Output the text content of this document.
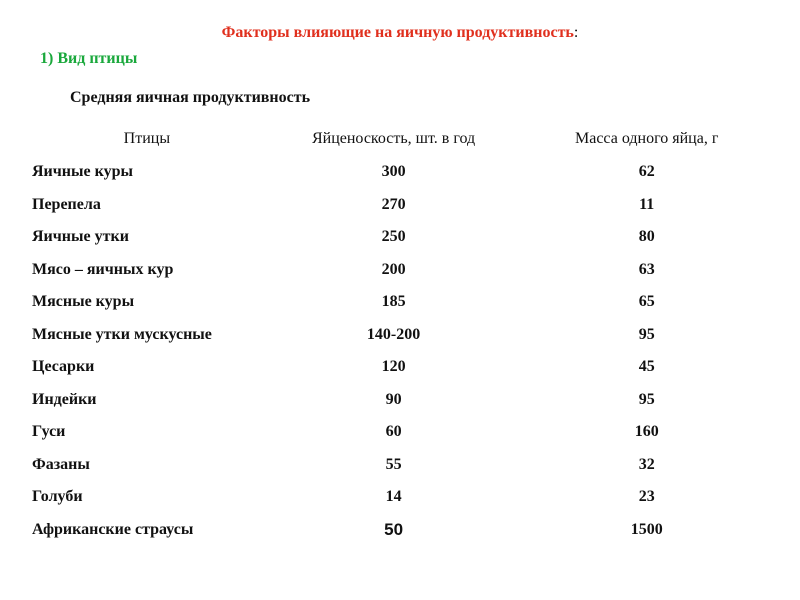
Факторы влияющие на яичную продуктивность:
1) Вид птицы
Средняя яичная продуктивность
Птицы	Яйценоскость, шт. в год	Масса одного яйца, г
Яичные куры	300	62
Перепела	270	11
Яичные утки	250	80
Мясо – яичных кур	200	63
Мясные куры	185	65
Мясные утки мускусные	140-200	95
Цесарки	120	45
Индейки	90	95
Гуси	60	160
Фазаны	55	32
Голуби	14	23
Африканские страусы	50	1500
